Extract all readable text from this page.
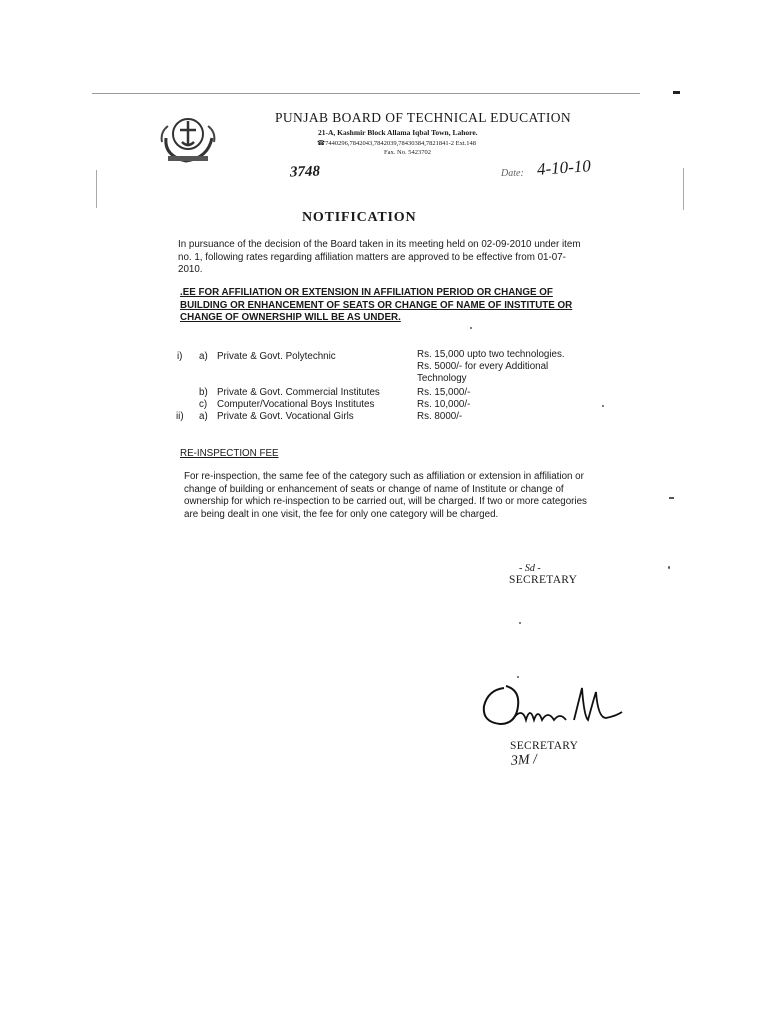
PUNJAB BOARD OF TECHNICAL EDUCATION
21-A, Kashmir Block Allama Iqbal Town, Lahore.
☎7440296,7842043,7842039,78430384,7821841-2 Ext.148
Fax. No. 5423702
3748	Date: 4-10-10
NOTIFICATION
In pursuance of the decision of the Board taken in its meeting held on 02-09-2010 under item no. 1, following rates regarding affiliation matters are approved to be effective from 01-07-2010.
.EE FOR AFFILIATION OR EXTENSION IN AFFILIATION PERIOD OR CHANGE OF BUILDING OR ENHANCEMENT OF SEATS OR CHANGE OF NAME OF INSTITUTE OR CHANGE OF OWNERSHIP WILL BE AS UNDER.
i) a) Private & Govt. Polytechnic	Rs. 15,000 upto two technologies.
Rs. 5000/- for every Additional
Technology
b) Private & Govt. Commercial Institutes	Rs. 15,000/-
c) Computer/Vocational Boys Institutes	Rs. 10,000/-
ii) a) Private & Govt. Vocational Girls	Rs. 8000/-
RE-INSPECTION FEE
For re-inspection, the same fee of the category such as affiliation or extension in affiliation or change of building or enhancement of seats or change of name of Institute or change of ownership for which re-inspection to be carried out, will be charged. If two or more categories are being dealt in one visit, the fee for only one category will be charged.
- Sd -
SECRETARY
SECRETARY
3M /
